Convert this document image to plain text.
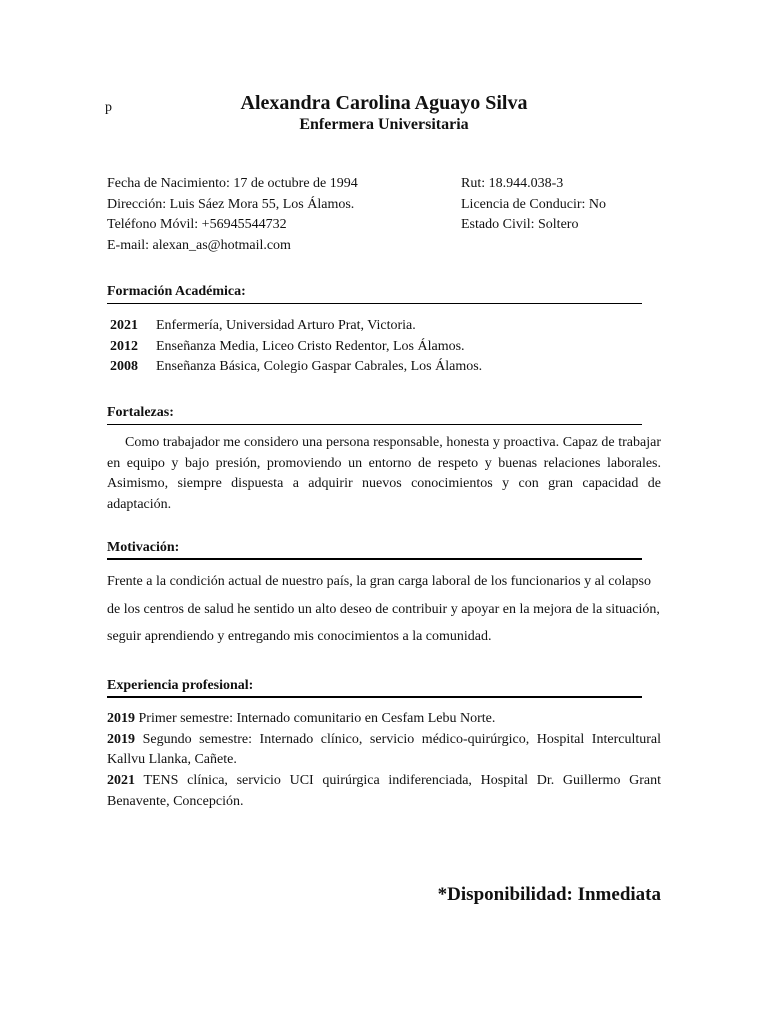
p	Alexandra Carolina Aguayo Silva
Enfermera Universitaria
Fecha de Nacimiento: 17 de octubre de 1994
Dirección: Luis Sáez Mora 55, Los Álamos.
Teléfono Móvil: +56945544732
E-mail: alexan_as@hotmail.com
Rut: 18.944.038-3
Licencia de Conducir: No
Estado Civil: Soltero
Formación Académica:
2021 Enfermería, Universidad Arturo Prat, Victoria.
2012 Enseñanza Media, Liceo Cristo Redentor, Los Álamos.
2008 Enseñanza Básica, Colegio Gaspar Cabrales, Los Álamos.
Fortalezas:
Como trabajador me considero una persona responsable, honesta y proactiva. Capaz de trabajar en equipo y bajo presión, promoviendo un entorno de respeto y buenas relaciones laborales. Asimismo, siempre dispuesta a adquirir nuevos conocimientos y con gran capacidad de adaptación.
Motivación:
Frente a la condición actual de nuestro país, la gran carga laboral de los funcionarios y al colapso de los centros de salud he sentido un alto deseo de contribuir y apoyar en la mejora de la situación, seguir aprendiendo y entregando mis conocimientos a la comunidad.
Experiencia profesional:
2019 Primer semestre: Internado comunitario en Cesfam Lebu Norte.
2019 Segundo semestre: Internado clínico, servicio médico-quirúrgico, Hospital Intercultural Kallvu Llanka, Cañete.
2021 TENS clínica, servicio UCI quirúrgica indiferenciada, Hospital Dr. Guillermo Grant Benavente, Concepción.
*Disponibilidad: Inmediata
